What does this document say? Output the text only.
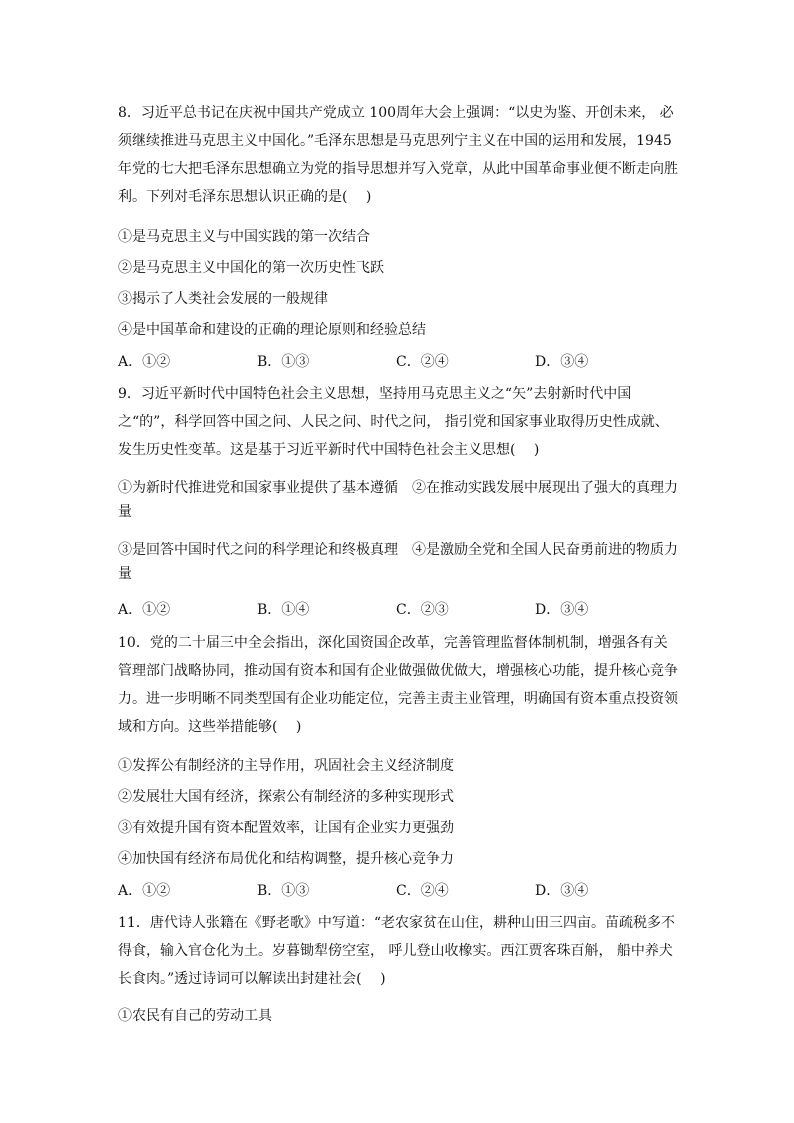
8．习近平总书记在庆祝中国共产党成立 100周年大会上强调：“以史为鉴、开创未来， 必须继续推进马克思主义中国化。”毛泽东思想是马克思列宁主义在中国的运用和发展，1945 年党的七大把毛泽东思想确立为党的指导思想并写入党章，从此中国革命事业便不断走向胜利。下列对毛泽东思想认识正确的是(　 )
①是马克思主义与中国实践的第一次结合
②是马克思主义中国化的第一次历史性飞跃
③揭示了人类社会发展的一般规律
④是中国革命和建设的正确的理论原则和经验总结
A．①②	B．①③	C．②④	D．③④
9．习近平新时代中国特色社会主义思想，坚持用马克思主义之“矢”去射新时代中国之“的”，科学回答中国之问、人民之问、时代之问， 指引党和国家事业取得历史性成就、发生历史性变革。这是基于习近平新时代中国特色社会主义思想(　 )
①为新时代推进党和国家事业提供了基本遵循　②在推动实践发展中展现出了强大的真理力量
③是回答中国时代之问的科学理论和终极真理　④是激励全党和全国人民奋勇前进的物质力量
A．①②	B．①④	C．②③	D．③④
10．党的二十届三中全会指出，深化国资国企改革，完善管理监督体制机制，增强各有关管理部门战略协同，推动国有资本和国有企业做强做优做大，增强核心功能，提升核心竞争力。进一步明晰不同类型国有企业功能定位，完善主责主业管理，明确国有资本重点投资领域和方向。这些举措能够(　 )
①发挥公有制经济的主导作用，巩固社会主义经济制度
②发展壮大国有经济，探索公有制经济的多种实现形式
③有效提升国有资本配置效率，让国有企业实力更强劲
④加快国有经济布局优化和结构调整，提升核心竞争力
A．①②	B．①③	C．②④	D．③④
11．唐代诗人张籍在《野老歌》中写道：“老农家贫在山住，耕种山田三四亩。苗疏税多不得食，输入官仓化为土。岁暮锄犁傍空室， 呼儿登山收橡实。西江贾客珠百斛， 船中养犬长食肉。”透过诗词可以解读出封建社会(　 )
①农民有自己的劳动工具
